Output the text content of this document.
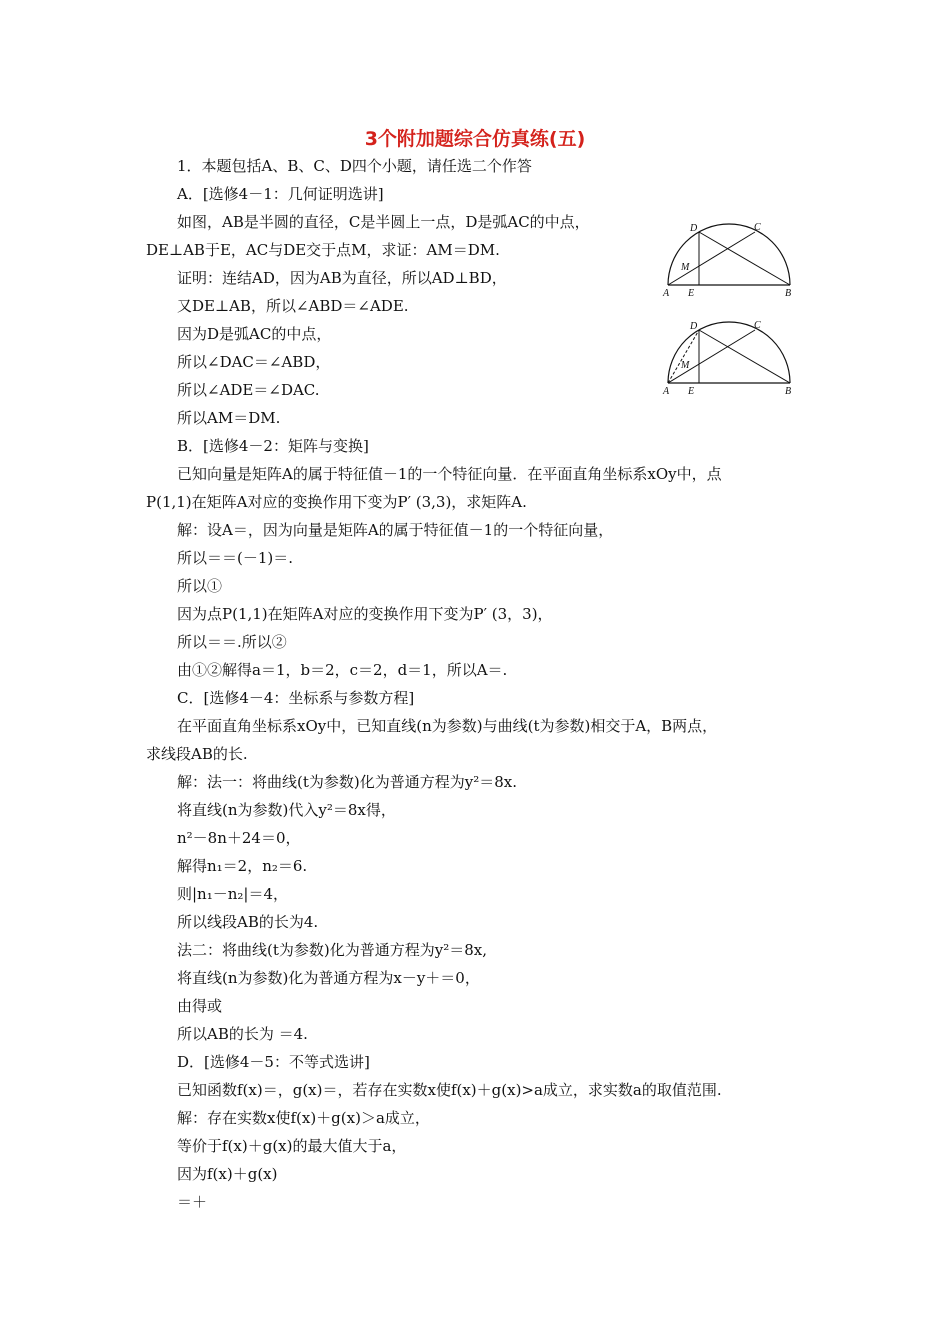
3个附加题综合仿真练(五)
1．本题包括A、B、C、D四个小题，请任选二个作答
A．[选修4－1：几何证明选讲]
如图，AB是半圆的直径，C是半圆上一点，D是弧AC的中点，
DE⊥AB于E，AC与DE交于点M，求证：AM＝DM.
证明：连结AD，因为AB为直径，所以AD⊥BD，
又DE⊥AB，所以∠ABD＝∠ADE.
因为D是弧AC的中点，
所以∠DAC＝∠ABD，
所以∠ADE＝∠DAC.
所以AM＝DM.
B．[选修4－2：矩阵与变换]
已知向量是矩阵A的属于特征值－1的一个特征向量．在平面直角坐标系xOy中，点
P(1,1)在矩阵A对应的变换作用下变为P′ (3,3)，求矩阵A.
解：设A＝，因为向量是矩阵A的属于特征值－1的一个特征向量，
所以＝＝(－1)＝.
所以①
因为点P(1,1)在矩阵A对应的变换作用下变为P′ (3，3)，
所以＝＝.所以②
由①②解得a＝1，b＝2，c＝2，d＝1，所以A＝.
C．[选修4－4：坐标系与参数方程]
在平面直角坐标系xOy中，已知直线(n为参数)与曲线(t为参数)相交于A，B两点，
求线段AB的长.
解：法一：将曲线(t为参数)化为普通方程为y²＝8x.
将直线(n为参数)代入y²＝8x得，
n²－8n＋24＝0，
解得n₁＝2，n₂＝6.
则|n₁－n₂|＝4，
所以线段AB的长为4.
法二：将曲线(t为参数)化为普通方程为y²＝8x,
将直线(n为参数)化为普通方程为x－y＋＝0，
由得或
所以AB的长为 ＝4.
D．[选修4－5：不等式选讲]
已知函数f(x)＝，g(x)＝，若存在实数x使f(x)＋g(x)>a成立，求实数a的取值范围.
解：存在实数x使f(x)＋g(x)＞a成立，
等价于f(x)＋g(x)的最大值大于a，
因为f(x)＋g(x)
＝＋
D	C
M
A E	B
D	C
M
A E	B
